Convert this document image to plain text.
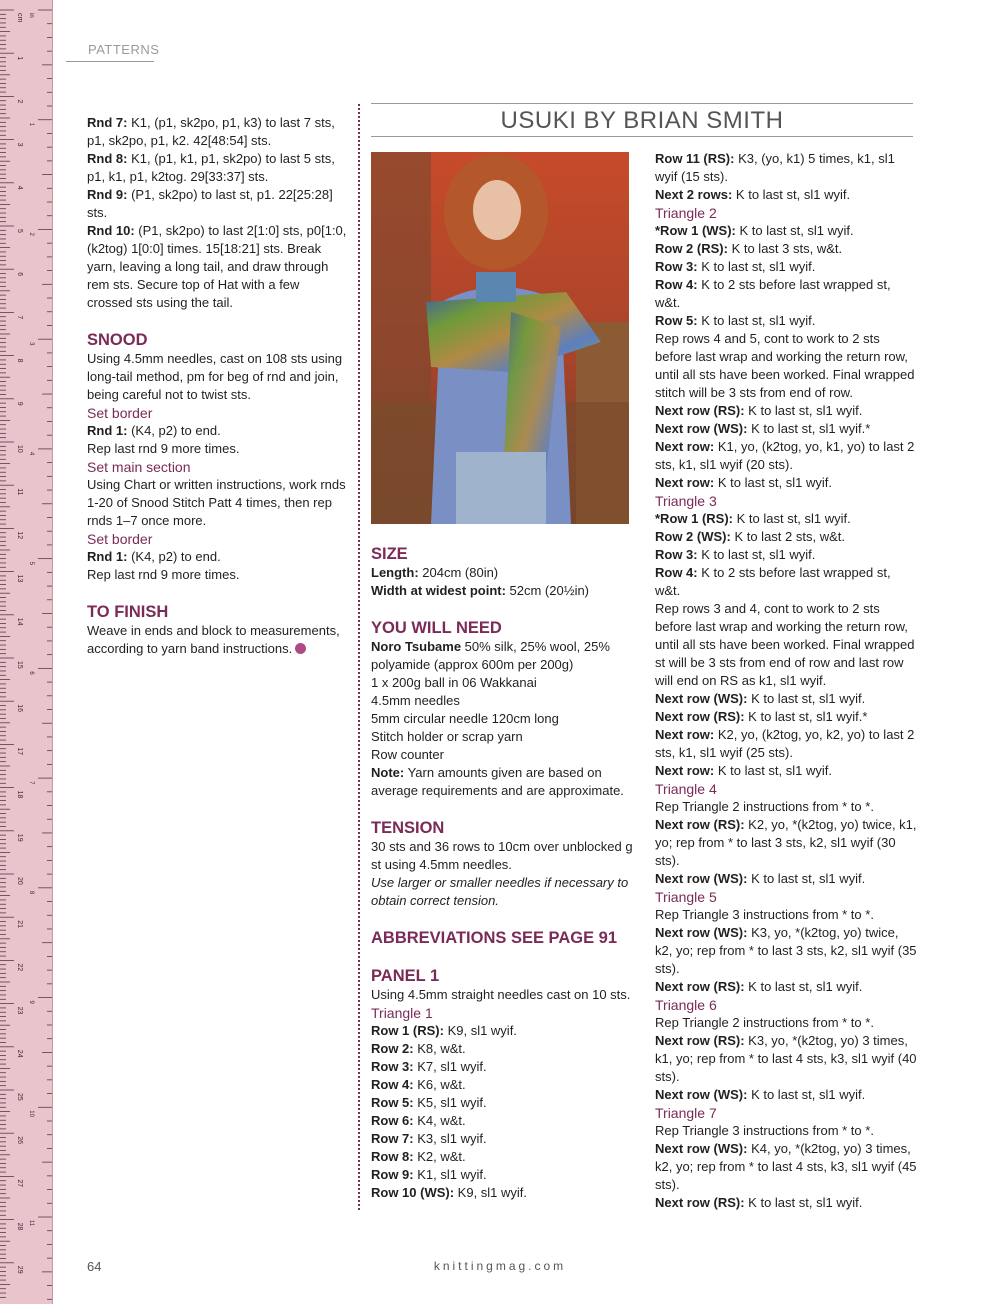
cm
1
2
3
4
5
6
7
8
9
10
11
12
13
14
15
16
17
18
19
20
21
22
23
24
25
26
27
28
29
in
1
2
3
4
5
6
7
8
9
10
11
PATTERNS

Rnd 7: K1, (p1, sk2po, p1, k3) to last 7 sts, p1, sk2po, p1, k2. 42[48:54] sts.

Rnd 8: K1, (p1, k1, p1, sk2po) to last 5 sts, p1, k1, p1, k2tog. 29[33:37] sts.

Rnd 9: (P1, sk2po) to last st, p1. 22[25:28] sts.

Rnd 10: (P1, sk2po) to last 2[1:0] sts, p0[1:0, (k2tog) 1[0:0] times. 15[18:21] sts. Break yarn, leaving a long tail, and draw through rem sts. Secure top of Hat with a few crossed sts using the tail.

SNOOD

Using 4.5mm needles, cast on 108 sts using long-tail method, pm for beg of rnd and join, being careful not to twist sts.

Set border

Rnd 1: (K4, p2) to end.

Rep last rnd 9 more times.

Set main section

Using Chart or written instructions, work rnds 1-20 of Snood Stitch Patt 4 times, then rep rnds 1–7 once more.

Set border

Rnd 1: (K4, p2) to end.

Rep last rnd 9 more times.

TO FINISH

Weave in ends and block to measurements, according to yarn band instructions.

USUKI BY BRIAN SMITH

SIZE

Length: 204cm (80in)

Width at widest point: 52cm (20½in)

YOU WILL NEED

Noro Tsubame 50% silk, 25% wool, 25% polyamide (approx 600m per 200g)

1 x 200g ball in 06 Wakkanai

4.5mm needles

5mm circular needle 120cm long

Stitch holder or scrap yarn

Row counter

Note: Yarn amounts given are based on average requirements and are approximate.

TENSION

30 sts and 36 rows to 10cm over unblocked g st using 4.5mm needles.

Use larger or smaller needles if necessary to obtain correct tension.

ABBREVIATIONS SEE PAGE 91

PANEL 1

Using 4.5mm straight needles cast on 10 sts.

Triangle 1

Row 1 (RS): K9, sl1 wyif.

Row 2: K8, w&t.

Row 3: K7, sl1 wyif.

Row 4: K6, w&t.

Row 5: K5, sl1 wyif.

Row 6: K4, w&t.

Row 7: K3, sl1 wyif.

Row 8: K2, w&t.

Row 9: K1, sl1 wyif.

Row 10 (WS): K9, sl1 wyif.

Row 11 (RS): K3, (yo, k1) 5 times, k1, sl1 wyif (15 sts).

Next 2 rows: K to last st, sl1 wyif.

Triangle 2

*Row 1 (WS): K to last st, sl1 wyif.

Row 2 (RS): K to last 3 sts, w&t.

Row 3: K to last st, sl1 wyif.

Row 4: K to 2 sts before last wrapped st, w&t.

Row 5: K to last st, sl1 wyif.

Rep rows 4 and 5, cont to work to 2 sts before last wrap and working the return row, until all sts have been worked. Final wrapped stitch will be 3 sts from end of row.

Next row (RS): K to last st, sl1 wyif.

Next row (WS): K to last st, sl1 wyif.*

Next row: K1, yo, (k2tog, yo, k1, yo) to last 2 sts, k1, sl1 wyif (20 sts).

Next row: K to last st, sl1 wyif.

Triangle 3

*Row 1 (RS): K to last st, sl1 wyif.

Row 2 (WS): K to last 2 sts, w&t.

Row 3: K to last st, sl1 wyif.

Row 4: K to 2 sts before last wrapped st, w&t.

Rep rows 3 and 4, cont to work to 2 sts before last wrap and working the return row, until all sts have been worked. Final wrapped st will be 3 sts from end of row and last row will end on RS as k1, sl1 wyif.

Next row (WS): K to last st, sl1 wyif.

Next row (RS): K to last st, sl1 wyif.*

Next row: K2, yo, (k2tog, yo, k2, yo) to last 2 sts, k1, sl1 wyif (25 sts).

Next row: K to last st, sl1 wyif.

Triangle 4

Rep Triangle 2 instructions from * to *.

Next row (RS): K2, yo, *(k2tog, yo) twice, k1, yo; rep from * to last 3 sts, k2, sl1 wyif (30 sts).

Next row (WS): K to last st, sl1 wyif.

Triangle 5

Rep Triangle 3 instructions from * to *.

Next row (WS): K3, yo, *(k2tog, yo) twice, k2, yo; rep from * to last 3 sts, k2, sl1 wyif (35 sts).

Next row (RS): K to last st, sl1 wyif.

Triangle 6

Rep Triangle 2 instructions from * to *.

Next row (RS): K3, yo, *(k2tog, yo) 3 times, k1, yo; rep from * to last 4 sts, k3, sl1 wyif (40 sts).

Next row (WS): K to last st, sl1 wyif.

Triangle 7

Rep Triangle 3 instructions from * to *.

Next row (WS): K4, yo, *(k2tog, yo) 3 times, k2, yo; rep from * to last 4 sts, k3, sl1 wyif (45 sts).

Next row (RS): K to last st, sl1 wyif.

64	knittingmag.com
